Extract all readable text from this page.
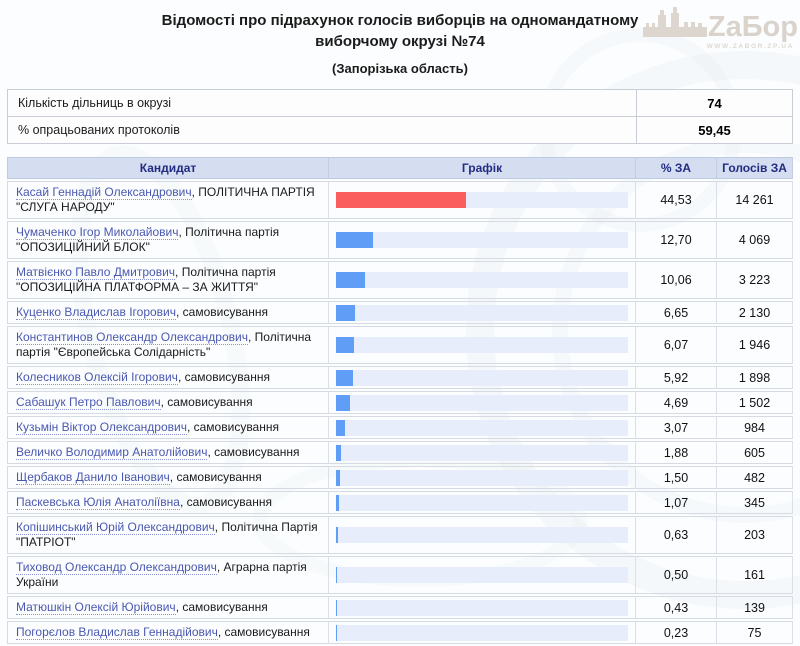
ZаБор
WWW.ZABOR.ZP.UA
Відомості про підрахунок голосів виборців на одномандатному
виборчому окрузі №74
(Запорізька область)
Кількість дільниць в окрузі	74
% опрацьованих протоколів	59,45
Кандидат	Графік	% ЗА	Голосів ЗА
Касай Геннадій Олександрович, ПОЛІТИЧНА ПАРТІЯ "СЛУГА НАРОДУ"		44,53	14 261
Чумаченко Ігор Миколайович, Політична партія "ОПОЗИЦІЙНИЙ БЛОК"		12,70	4 069
Матвієнко Павло Дмитрович, Політична партія "ОПОЗИЦІЙНА ПЛАТФОРМА – ЗА ЖИТТЯ"		10,06	3 223
Куценко Владислав Ігорович, самовисування		6,65	2 130
Константинов Олександр Олександрович, Політична партія "Європейська Солідарність"		6,07	1 946
Колесников Олексій Ігорович, самовисування		5,92	1 898
Сабашук Петро Павлович, самовисування		4,69	1 502
Кузьмін Віктор Олександрович, самовисування		3,07	984
Величко Володимир Анатолійович, самовисування		1,88	605
Щербаков Данило Іванович, самовисування		1,50	482
Паскевська Юлія Анатоліївна, самовисування		1,07	345
Копішинський Юрій Олександрович, Політична Партія "ПАТРІОТ"		0,63	203
Тиховод Олександр Олександрович, Аграрна партія України		0,50	161
Матюшкін Олексій Юрійович, самовисування		0,43	139
Погорєлов Владислав Геннадійович, самовисування		0,23	75
